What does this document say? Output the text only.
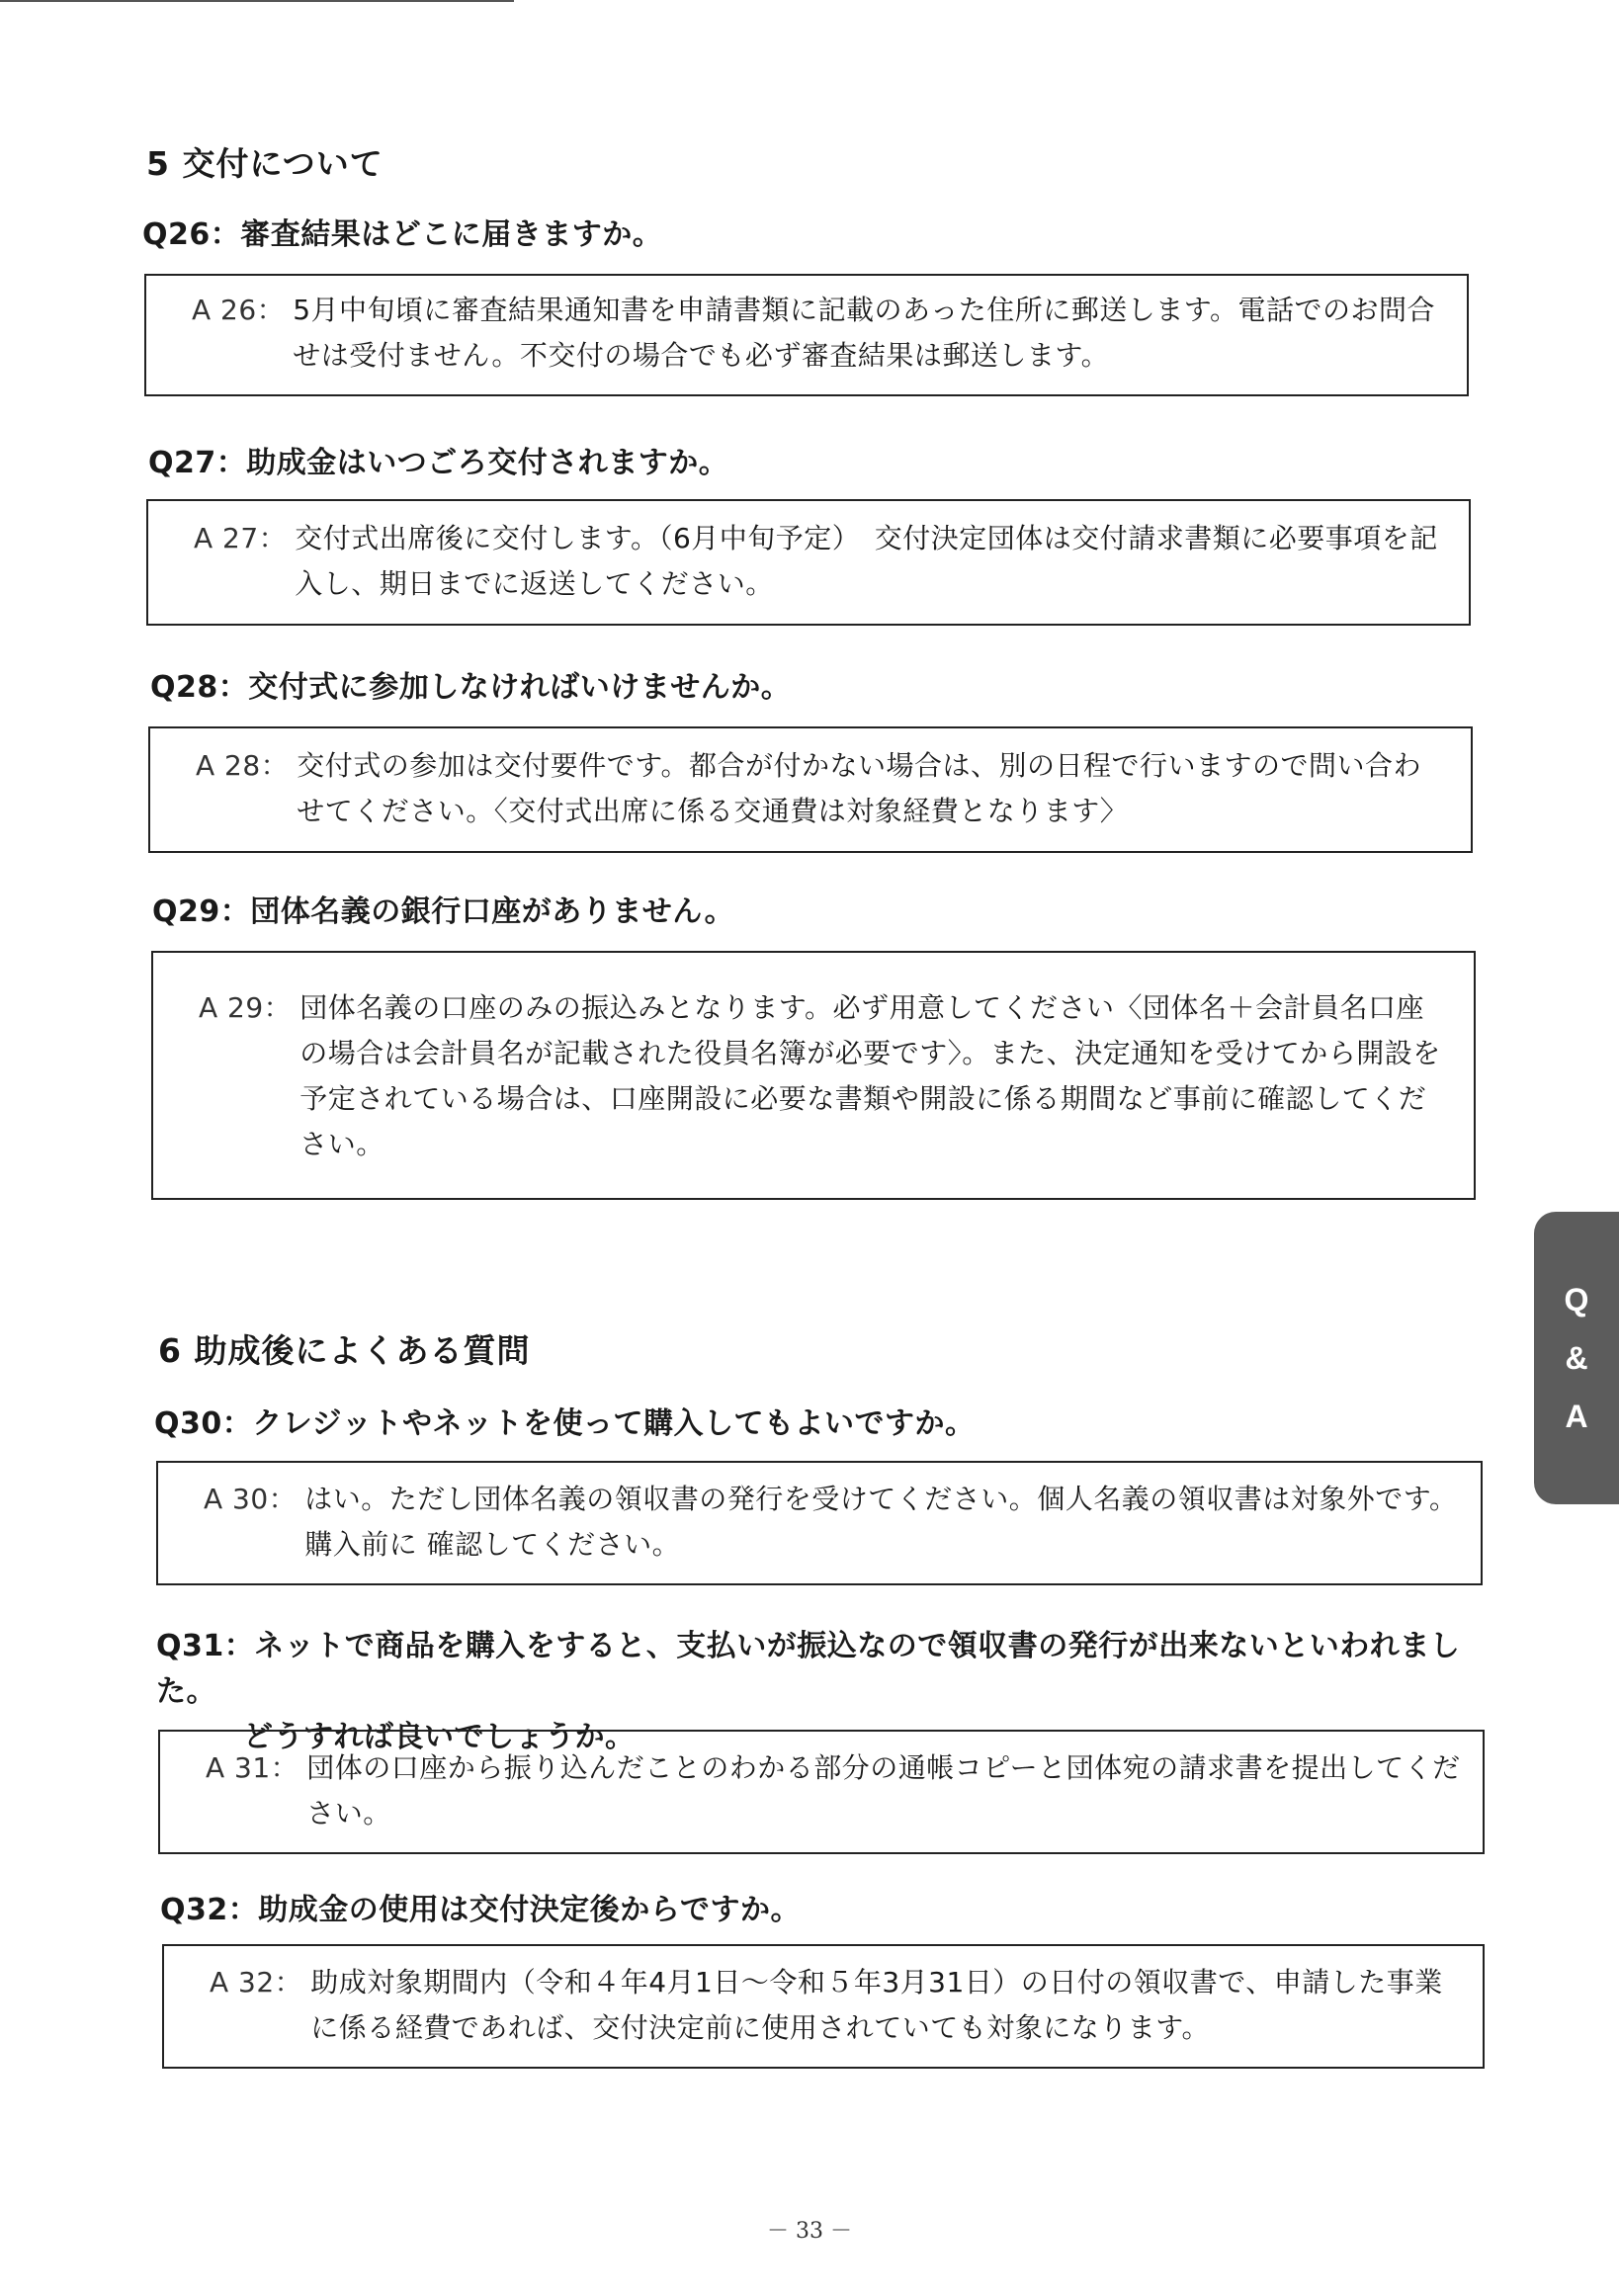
5 交付について
Q26：審査結果はどこに届きますか。
A 26： 5月中旬頃に審査結果通知書を申請書類に記載のあった住所に郵送します。電話でのお問合せは受付ません。不交付の場合でも必ず審査結果は郵送します。
Q27：助成金はいつごろ交付されますか。
A 27： 交付式出席後に交付します。（6月中旬予定）　交付決定団体は交付請求書類に必要事項を記入し、期日までに返送してください。
Q28：交付式に参加しなければいけませんか。
A 28： 交付式の参加は交付要件です。都合が付かない場合は、別の日程で行いますので問い合わせてください。〈交付式出席に係る交通費は対象経費となります〉
Q29：団体名義の銀行口座がありません。
A 29： 団体名義の口座のみの振込みとなります。必ず用意してください〈団体名＋会計員名口座 の場合は会計員名が記載された役員名簿が必要です〉。また、決定通知を受けてから開設を予定されている場合は、口座開設に必要な書類や開設に係る期間など事前に確認してください。
6 助成後によくある質問
Q30：クレジットやネットを使って購入してもよいですか。
A 30： はい。ただし団体名義の領収書の発行を受けてください。個人名義の領収書は対象外です。購入前に 確認してください。
Q31：ネットで商品を購入をすると、支払いが振込なので領収書の発行が出来ないといわれました。
どうすれば良いでしょうか。
A 31： 団体の口座から振り込んだことのわかる部分の通帳コピーと団体宛の請求書を提出してください。
Q32：助成金の使用は交付決定後からですか。
A 32： 助成対象期間内（令和４年4月1日～令和５年3月31日）の日付の領収書で、申請した事業に係る経費であれば、交付決定前に使用されていても対象になります。
Q
&
A
－ 33 －
